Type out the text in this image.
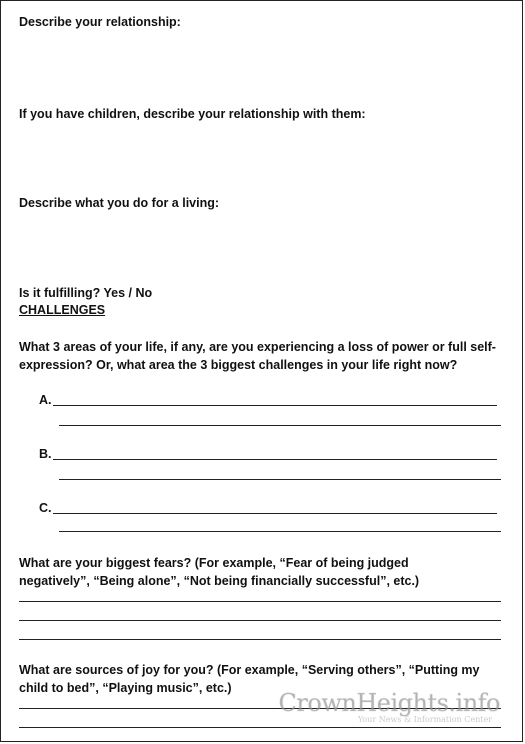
Describe your relationship:
If you have children, describe your relationship with them:
Describe what you do for a living:
Is it fulfilling? Yes / No
CHALLENGES
What 3 areas of your life, if any, are you experiencing a loss of power or full self-
expression? Or, what area the 3 biggest challenges in your life right now?
A.
B.
C.
What are your biggest fears? (For example, “Fear of being judged
negatively”, “Being alone”, “Not being financially successful”, etc.)
What are sources of joy for you? (For example, “Serving others”, “Putting my
child to bed”, “Playing music”, etc.)
CrownHeights.info
Your News & Information Center
